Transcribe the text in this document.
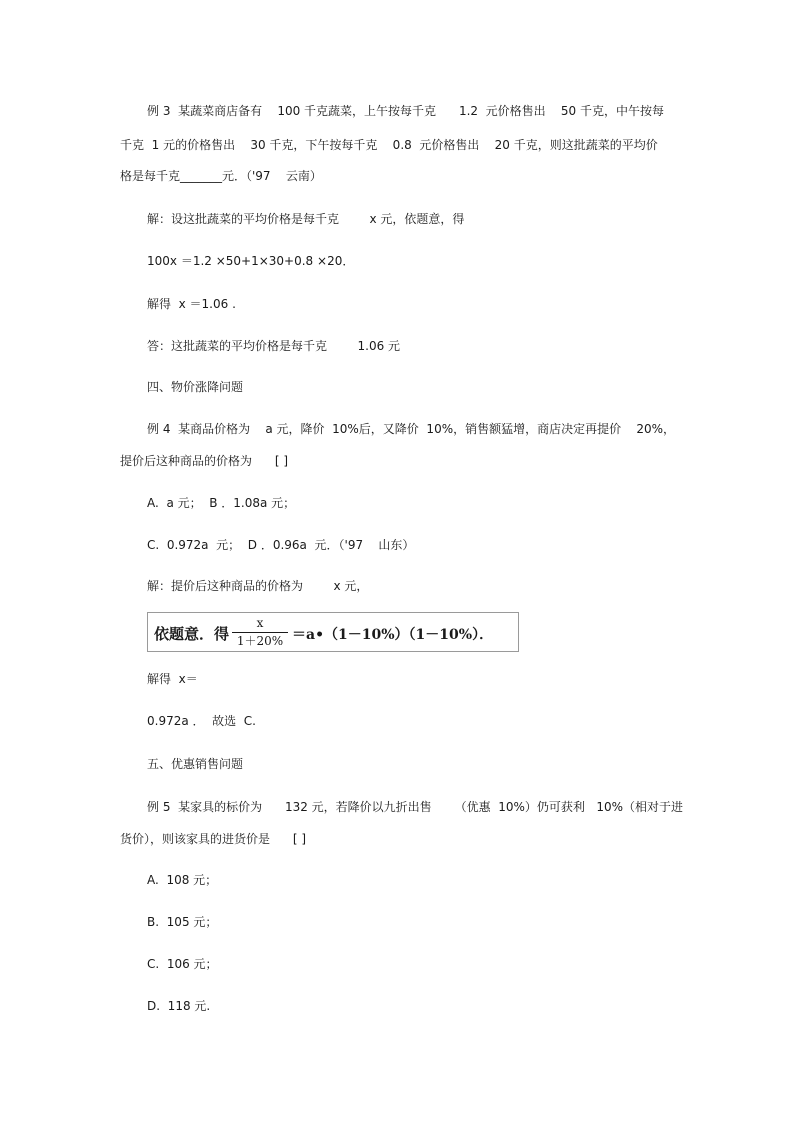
例 3  某蔬菜商店备有    100 千克蔬菜，上午按每千克      1.2  元价格售出    50 千克，中午按每
千克  1 元的价格售出    30 千克，下午按每千克    0.8  元价格售出    20 千克，则这批蔬菜的平均价
格是每千克_______元．（'97    云南）
解：设这批蔬菜的平均价格是每千克        x 元，依题意，得
100x ＝1.2 ×50+1×30+0.8 ×20．
解得  x ＝1.06 .
答：这批蔬菜的平均价格是每千克        1.06 元
四、物价涨降问题
例 4  某商品价格为    a 元，降价  10%后，又降价  10%，销售额猛增，商店决定再提价    20%，
提价后这种商品的价格为      [ ]
A.  a 元；  B ．1.08a 元；
C.  0.972a  元；  D ．0.96a  元．（'97    山东）
解：提价后这种商品的价格为        x 元，
依题意．得
x
1＋20% ＝a•（1－10%）（1－10%）．
解得  x＝
0.972a ．  故选  C.
五、优惠销售问题
例 5  某家具的标价为      132 元，若降价以九折出售      （优惠  10%）仍可获利   10%（相对于进
货价），则该家具的进货价是      [ ]
A.  108 元；
B.  105 元；
C.  106 元；
D.  118 元.
